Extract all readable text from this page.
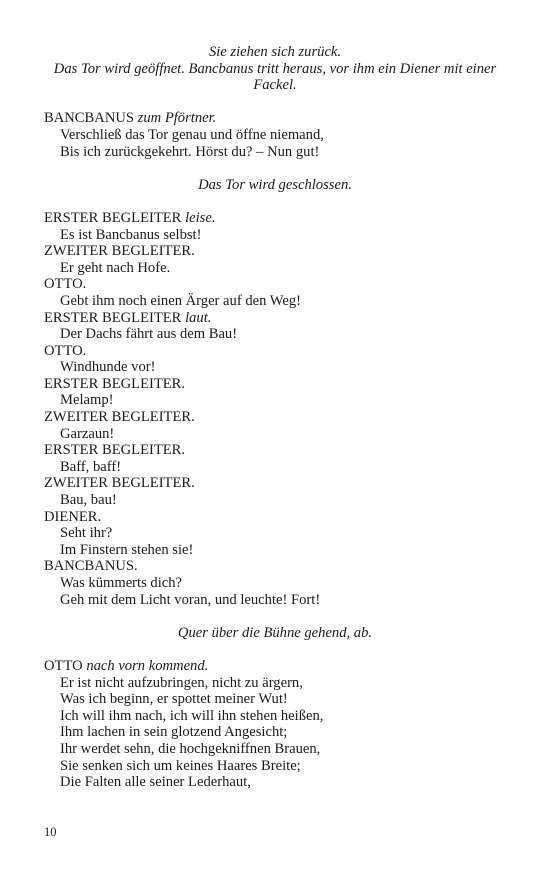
Sie ziehen sich zurück.
Das Tor wird geöffnet. Bancbanus tritt heraus, vor ihm ein Diener mit einer Fackel.
BANCBANUS zum Pförtner.
Verschließ das Tor genau und öffne niemand,
Bis ich zurückgekehrt. Hörst du? – Nun gut!
Das Tor wird geschlossen.
ERSTER BEGLEITER leise.
Es ist Bancbanus selbst!
ZWEITER BEGLEITER.
Er geht nach Hofe.
OTTO.
Gebt ihm noch einen Ärger auf den Weg!
ERSTER BEGLEITER laut.
Der Dachs fährt aus dem Bau!
OTTO.
Windhunde vor!
ERSTER BEGLEITER.
Melamp!
ZWEITER BEGLEITER.
Garzaun!
ERSTER BEGLEITER.
Baff, baff!
ZWEITER BEGLEITER.
Bau, bau!
DIENER.
Seht ihr?
Im Finstern stehen sie!
BANCBANUS.
Was kümmerts dich?
Geh mit dem Licht voran, und leuchte! Fort!
Quer über die Bühne gehend, ab.
OTTO nach vorn kommend.
Er ist nicht aufzubringen, nicht zu ärgern,
Was ich beginn, er spottet meiner Wut!
Ich will ihm nach, ich will ihn stehen heißen,
Ihm lachen in sein glotzend Angesicht;
Ihr werdet sehn, die hochgekniffnen Brauen,
Sie senken sich um keines Haares Breite;
Die Falten alle seiner Lederhaut,
10
